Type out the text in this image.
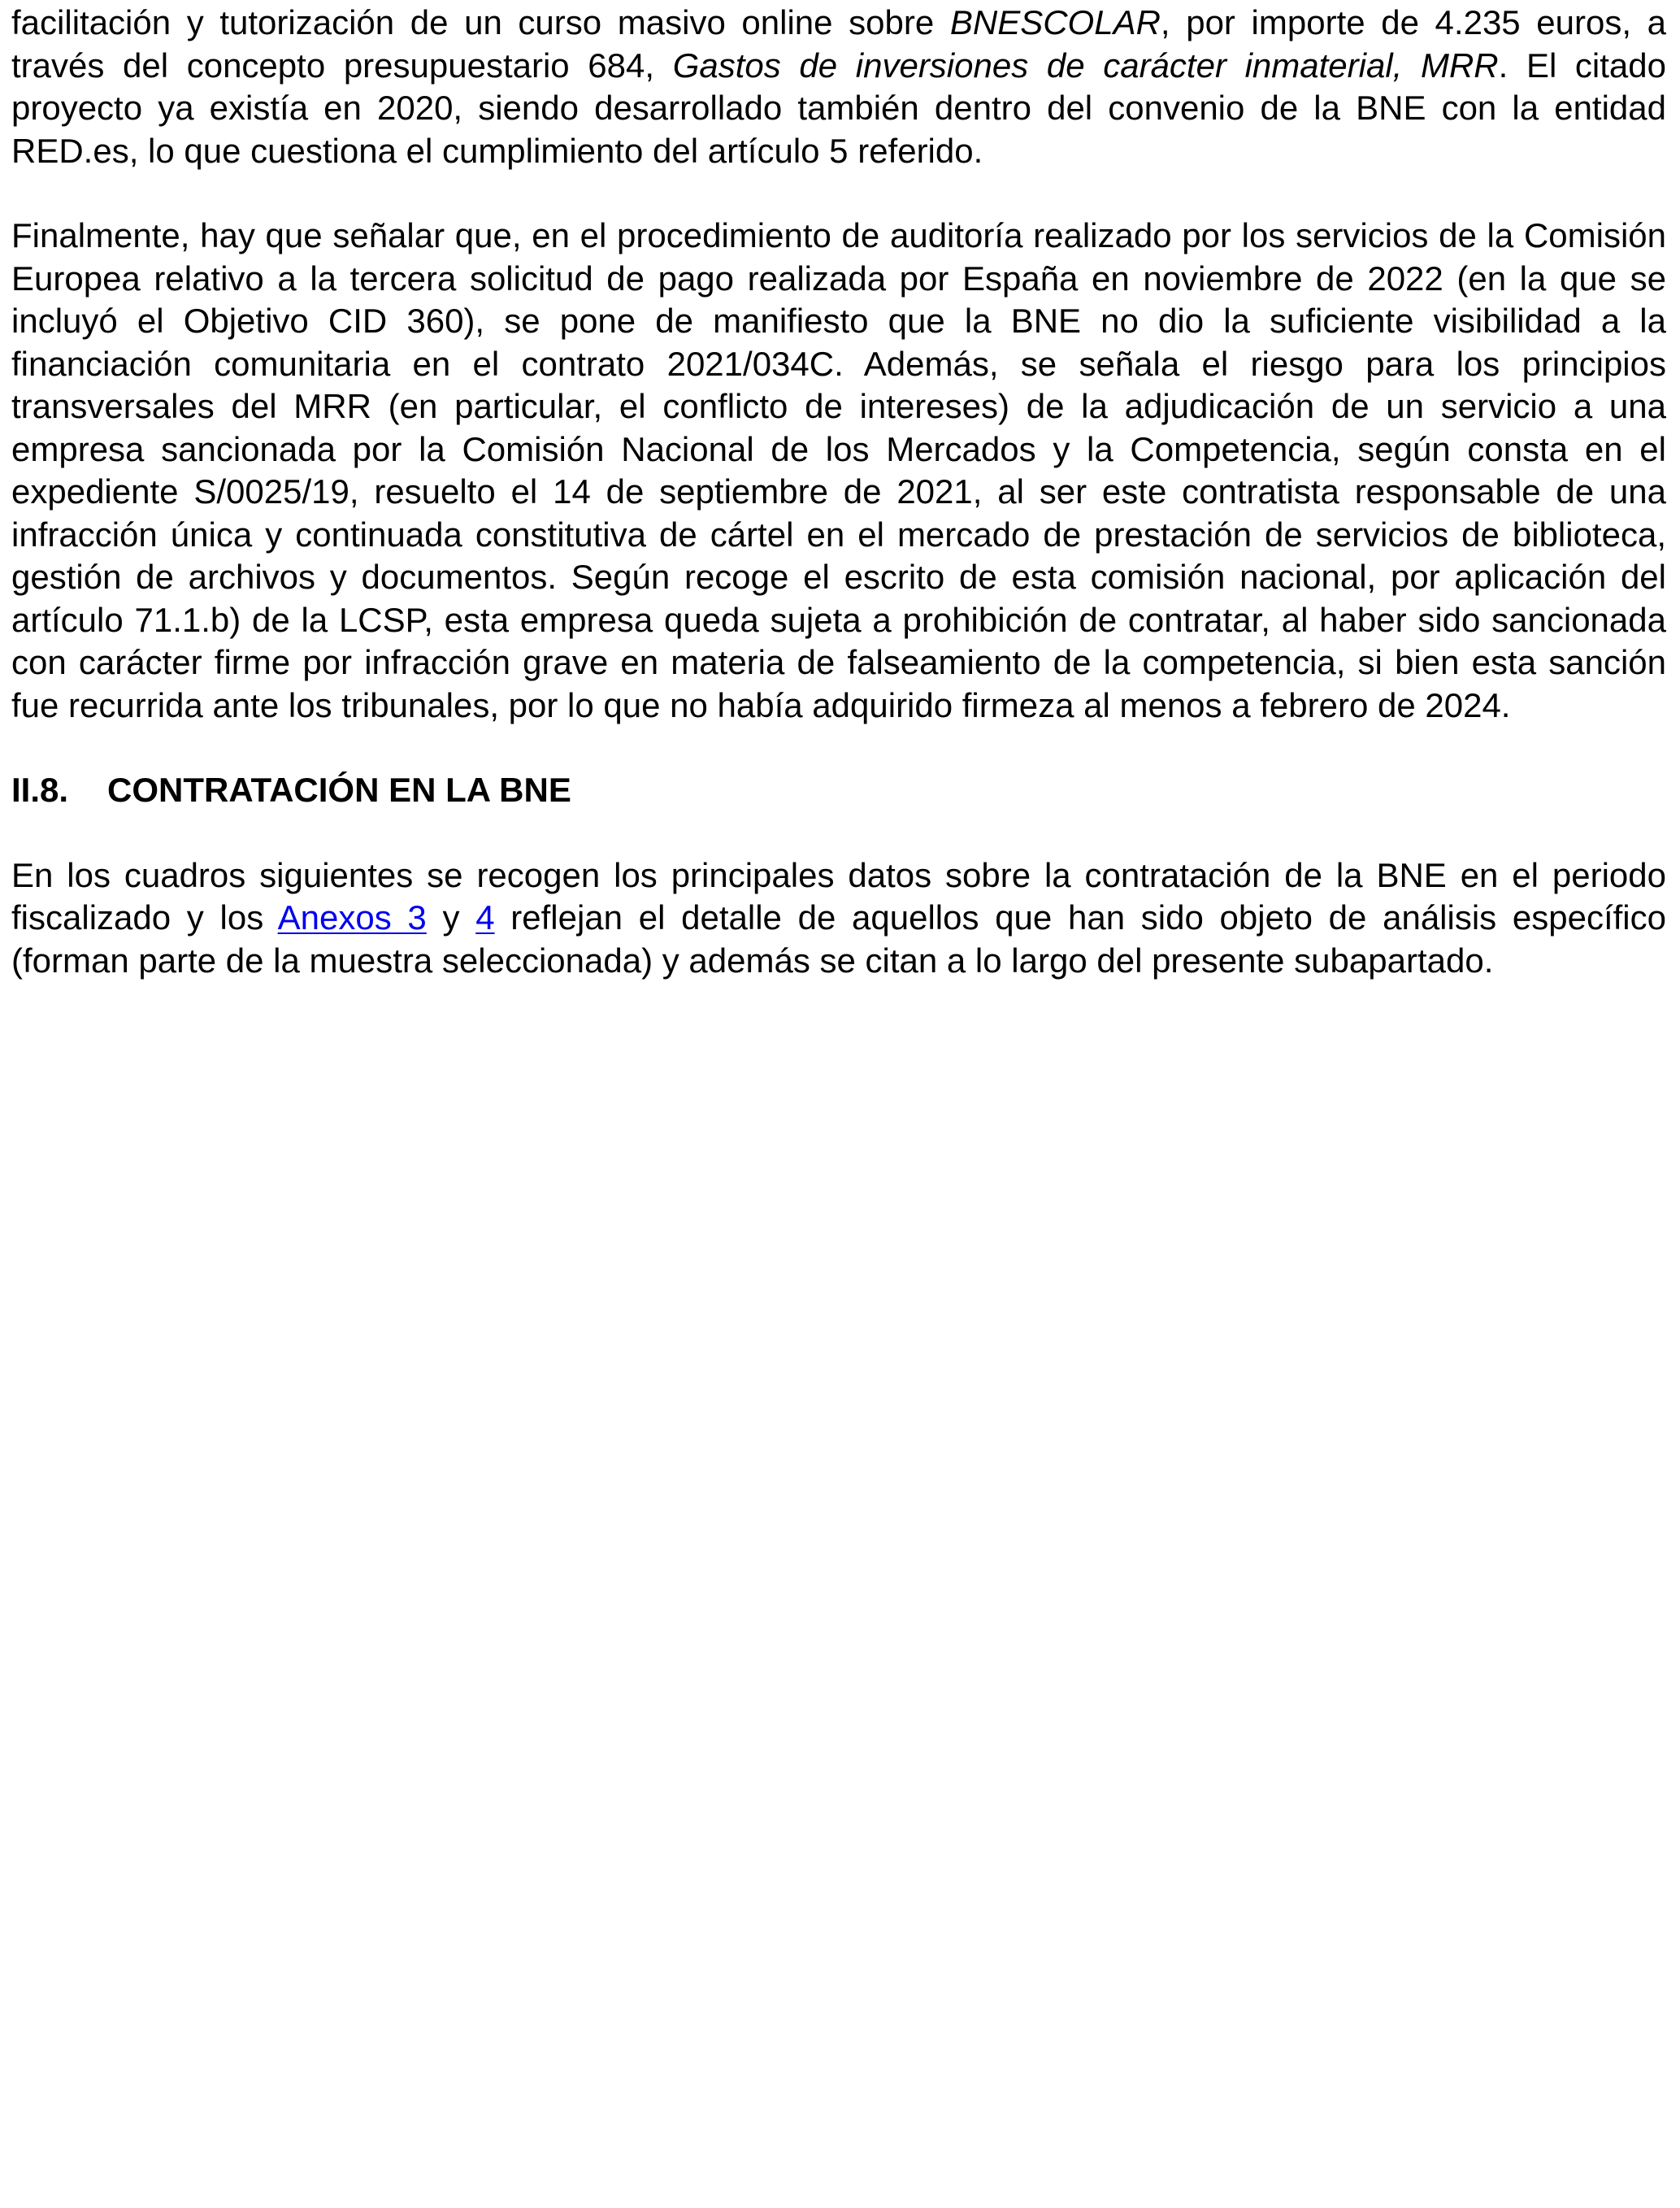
facilitación y tutorización de un curso masivo online sobre BNESCOLAR, por importe de 4.235 euros, a través del concepto presupuestario 684, Gastos de inversiones de carácter inmaterial, MRR. El citado proyecto ya existía en 2020, siendo desarrollado también dentro del convenio de la BNE con la entidad RED.es, lo que cuestiona el cumplimiento del artículo 5 referido.

Finalmente, hay que señalar que, en el procedimiento de auditoría realizado por los servicios de la Comisión Europea relativo a la tercera solicitud de pago realizada por España en noviembre de 2022 (en la que se incluyó el Objetivo CID 360), se pone de manifiesto que la BNE no dio la suficiente visibilidad a la financiación comunitaria en el contrato 2021/034C. Además, se señala el riesgo para los principios transversales del MRR (en particular, el conflicto de intereses) de la adjudicación de un servicio a una empresa sancionada por la Comisión Nacional de los Mercados y la Competencia, según consta en el expediente S/0025/19, resuelto el 14 de septiembre de 2021, al ser este contratista responsable de una infracción única y continuada constitutiva de cártel en el mercado de prestación de servicios de biblioteca, gestión de archivos y documentos. Según recoge el escrito de esta comisión nacional, por aplicación del artículo 71.1.b) de la LCSP, esta empresa queda sujeta a prohibición de contratar, al haber sido sancionada con carácter firme por infracción grave en materia de falseamiento de la competencia, si bien esta sanción fue recurrida ante los tribunales, por lo que no había adquirido firmeza al menos a febrero de 2024.

II.8.	CONTRATACIÓN EN LA BNE

En los cuadros siguientes se recogen los principales datos sobre la contratación de la BNE en el periodo fiscalizado y los Anexos 3 y 4 reflejan el detalle de aquellos que han sido objeto de análisis específico (forman parte de la muestra seleccionada) y además se citan a lo largo del presente subapartado.
